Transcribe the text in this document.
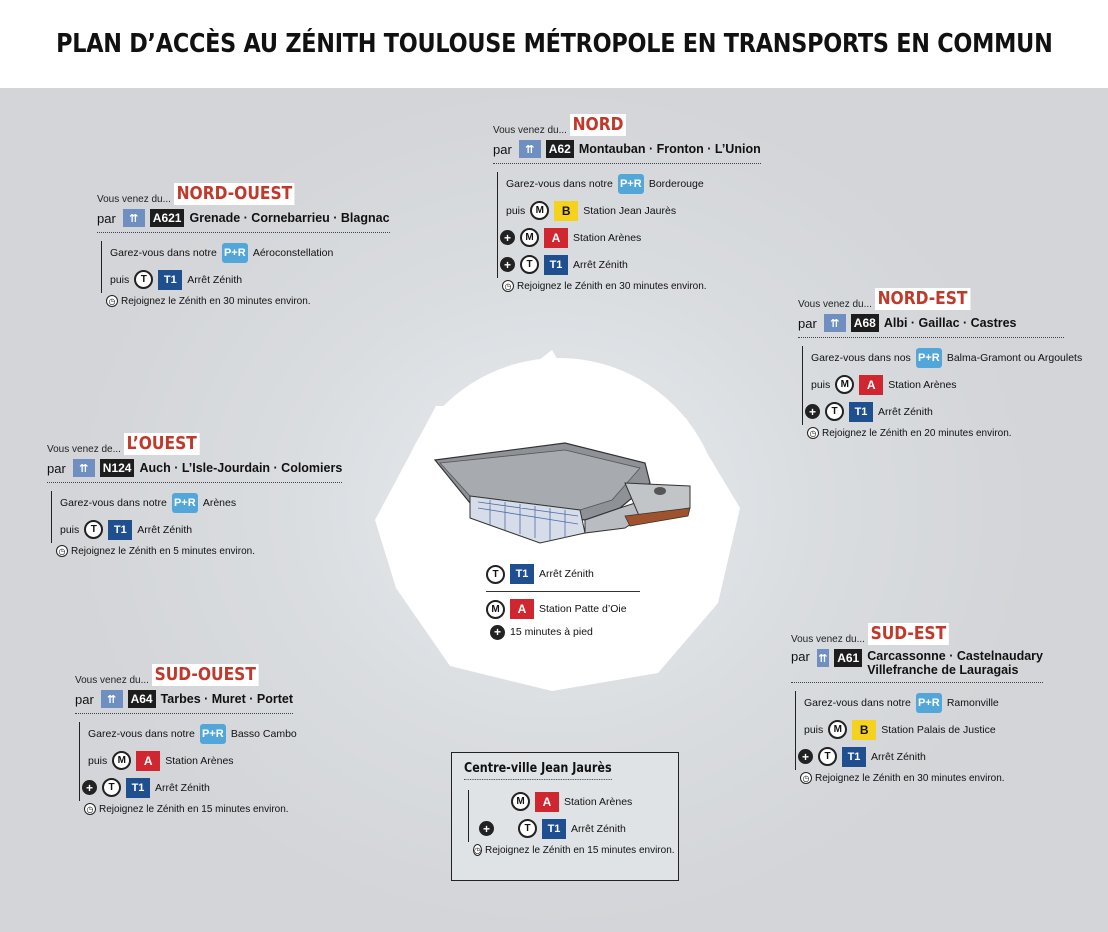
PLAN D’ACCÈS AU ZÉNITH TOULOUSE MÉTROPOLE EN TRANSPORTS EN COMMUN
Vous venez du... NORD
par	⇈	A62 Montauban · Fronton · L’Union
Garez-vous dans notre P+R Borderouge
puis	M	B	Station Jean Jaurès
+	M	A	Station Arènes
+	T	T1	Arrêt Zénith
◷ Rejoignez le Zénith en 30 minutes environ.
Vous venez du... NORD-OUEST
par	⇈	A621 Grenade · Cornebarrieu · Blagnac
Garez-vous dans notre P+R Aéroconstellation
puis	T	T1	Arrêt Zénith
◷ Rejoignez le Zénith en 30 minutes environ.	Vous venez du... NORD-EST
par	⇈	A68 Albi · Gaillac · Castres
Garez-vous dans nos P+R Balma-Gramont ou Argoulets
puis	M	A	Station Arènes
+	T	T1	Arrêt Zénith
◷ Rejoignez le Zénith en 20 minutes environ.
Vous venez de... L’OUEST
par	⇈	N124 Auch · L’Isle-Jourdain · Colomiers
Garez-vous dans notre P+R Arènes
puis	T	T1	Arrêt Zénith
◷ Rejoignez le Zénith en 5 minutes environ.
Vous venez du... SUD-OUEST
par	⇈	A64 Tarbes · Muret · Portet
Garez-vous dans notre P+R Basso Cambo
puis	M	A	Station Arènes
+	T	T1	Arrêt Zénith
◷ Rejoignez le Zénith en 15 minutes environ.
Vous venez du... SUD-EST
par ⇈ A61 Carcassonne · Castelnaudary
Villefranche de Lauragais
Garez-vous dans notre P+R Ramonville
puis	M	B	Station Palais de Justice
+	T	T1	Arrêt Zénith
◷ Rejoignez le Zénith en 30 minutes environ.
T	T1	Arrêt Zénith
M	A	Station Patte d’Oie
+ 15 minutes à pied
Centre-ville Jean Jaurès
M	A	Station Arènes
+	T	T1	Arrêt Zénith
◷ Rejoignez le Zénith en 15 minutes environ.
